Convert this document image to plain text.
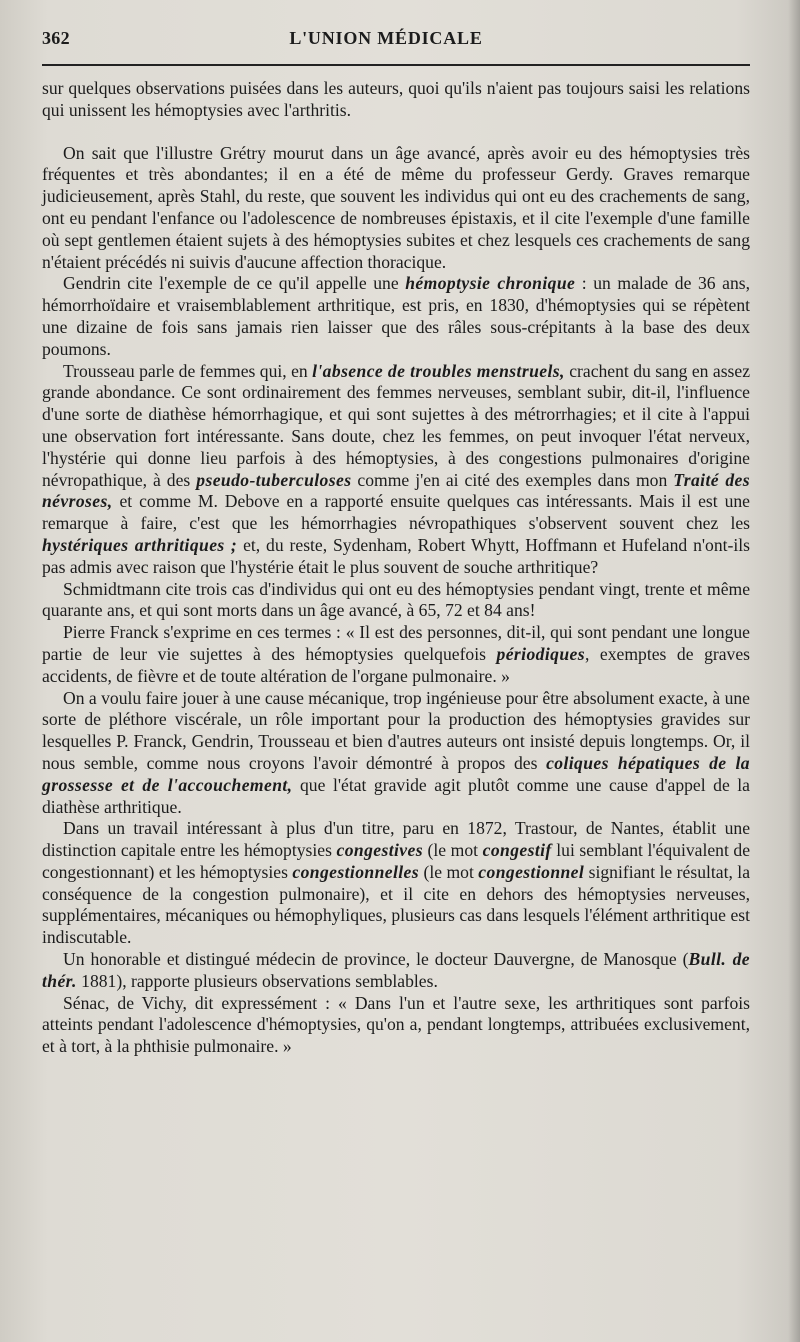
362	L'UNION MÉDICALE

sur quelques observations puisées dans les auteurs, quoi qu'ils n'aient pas toujours saisi les relations qui unissent les hémoptysies avec l'arthritis.

On sait que l'illustre Grétry mourut dans un âge avancé, après avoir eu des hémoptysies très fréquentes et très abondantes; il en a été de même du professeur Gerdy. Graves remarque judicieusement, après Stahl, du reste, que souvent les individus qui ont eu des crachements de sang, ont eu pendant l'enfance ou l'adolescence de nombreuses épistaxis, et il cite l'exemple d'une famille où sept gentlemen étaient sujets à des hémoptysies subites et chez lesquels ces crachements de sang n'étaient précédés ni suivis d'aucune affection thoracique.

Gendrin cite l'exemple de ce qu'il appelle une hémoptysie chronique : un malade de 36 ans, hémorrhoïdaire et vraisemblablement arthritique, est pris, en 1830, d'hémoptysies qui se répètent une dizaine de fois sans jamais rien laisser que des râles sous-crépitants à la base des deux poumons.

Trousseau parle de femmes qui, en l'absence de troubles menstruels, crachent du sang en assez grande abondance. Ce sont ordinairement des femmes nerveuses, semblant subir, dit-il, l'influence d'une sorte de diathèse hémorrhagique, et qui sont sujettes à des métrorrhagies; et il cite à l'appui une observation fort intéressante. Sans doute, chez les femmes, on peut invoquer l'état nerveux, l'hystérie qui donne lieu parfois à des hémoptysies, à des congestions pulmonaires d'origine névropathique, à des pseudo-tuberculoses comme j'en ai cité des exemples dans mon Traité des névroses, et comme M. Debove en a rapporté ensuite quelques cas intéressants. Mais il est une remarque à faire, c'est que les hémorrhagies névropathiques s'observent souvent chez les hystériques arthritiques ; et, du reste, Sydenham, Robert Whytt, Hoffmann et Hufeland n'ont-ils pas admis avec raison que l'hystérie était le plus souvent de souche arthritique?

Schmidtmann cite trois cas d'individus qui ont eu des hémoptysies pendant vingt, trente et même quarante ans, et qui sont morts dans un âge avancé, à 65, 72 et 84 ans!

Pierre Franck s'exprime en ces termes : « Il est des personnes, dit-il, qui sont pendant une longue partie de leur vie sujettes à des hémoptysies quelquefois périodiques, exemptes de graves accidents, de fièvre et de toute altération de l'organe pulmonaire. »

On a voulu faire jouer à une cause mécanique, trop ingénieuse pour être absolument exacte, à une sorte de pléthore viscérale, un rôle important pour la production des hémoptysies gravides sur lesquelles P. Franck, Gendrin, Trousseau et bien d'autres auteurs ont insisté depuis longtemps. Or, il nous semble, comme nous croyons l'avoir démontré à propos des coliques hépatiques de la grossesse et de l'accouchement, que l'état gravide agit plutôt comme une cause d'appel de la diathèse arthritique.

Dans un travail intéressant à plus d'un titre, paru en 1872, Trastour, de Nantes, établit une distinction capitale entre les hémoptysies congestives (le mot congestif lui semblant l'équivalent de congestionnant) et les hémoptysies congestionnelles (le mot congestionnel signifiant le résultat, la conséquence de la congestion pulmonaire), et il cite en dehors des hémoptysies nerveuses, supplémentaires, mécaniques ou hémophyliques, plusieurs cas dans lesquels l'élément arthritique est indiscutable.

Un honorable et distingué médecin de province, le docteur Dauvergne, de Manosque (Bull. de thér. 1881), rapporte plusieurs observations semblables.

Sénac, de Vichy, dit expressément : « Dans l'un et l'autre sexe, les arthritiques sont parfois atteints pendant l'adolescence d'hémoptysies, qu'on a, pendant longtemps, attribuées exclusivement, et à tort, à la phthisie pulmonaire. »
